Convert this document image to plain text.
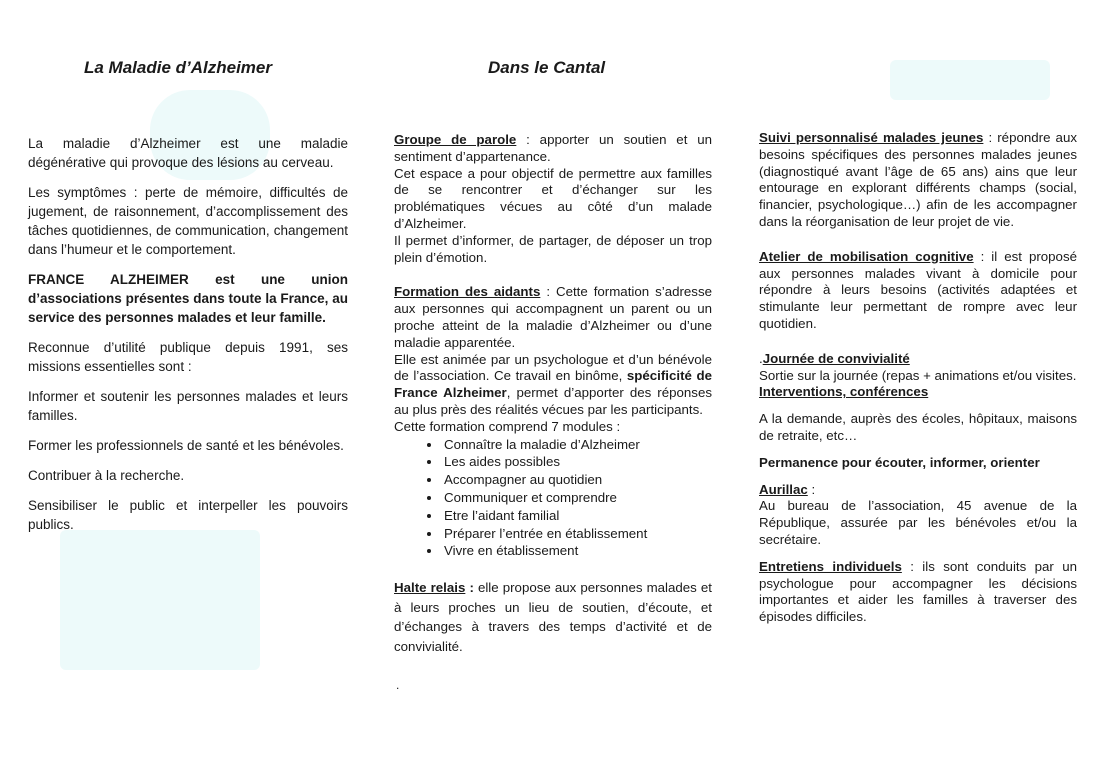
La Maladie d’Alzheimer	Dans le Cantal

La maladie d’Alzheimer est une maladie dégénérative qui provoque des lésions au cerveau.

Les symptômes : perte de mémoire, difficultés de jugement, de raisonnement, d’accomplissement des tâches quotidiennes, de communication, changement dans l’humeur et le comportement.

FRANCE ALZHEIMER est une union d’associations présentes dans toute la France, au service des personnes malades et leur famille.

Reconnue d’utilité publique depuis 1991, ses missions essentielles sont :

Informer et soutenir les personnes malades et leurs familles.

Former les professionnels de santé et les bénévoles.

Contribuer à la recherche.

Sensibiliser le public et interpeller les pouvoirs publics.

Groupe de parole : apporter un soutien et un sentiment d’appartenance.

Cet espace a pour objectif de permettre aux familles de se rencontrer et d’échanger sur les problématiques vécues au côté d’un malade d’Alzheimer.

Il permet d’informer, de partager, de déposer un trop plein d’émotion.

Formation des aidants : Cette formation s’adresse aux personnes qui accompagnent un parent ou un proche atteint de la maladie d’Alzheimer ou d’une maladie apparentée.

Elle est animée par un psychologue et d’un bénévole de l’association. Ce travail en binôme, spécificité de France Alzheimer, permet d’apporter des réponses au plus près des réalités vécues par les participants.

Cette formation comprend 7 modules :

• Connaître la maladie d’Alzheimer
• Les aides possibles
• Accompagner au quotidien
• Communiquer et comprendre
• Etre l’aidant familial
• Préparer l’entrée en établissement
• Vivre en établissement

Halte relais : elle propose aux personnes malades et à leurs proches un lieu de soutien, d’écoute, et d’échanges à travers des temps d’activité et de convivialité.

.

Suivi personnalisé malades jeunes : répondre aux besoins spécifiques des personnes malades jeunes (diagnostiqué avant l’âge de 65 ans) ains que leur entourage en explorant différents champs (social, financier, psychologique…) afin de les accompagner dans la réorganisation de leur projet de vie.

Atelier de mobilisation cognitive : il est proposé aux personnes malades vivant à domicile pour répondre à leurs besoins (activités adaptées et stimulante leur permettant de rompre avec leur quotidien.

.Journée de convivialité

Sortie sur la journée (repas + animations et/ou visites.

Interventions, conférences

A la demande, auprès des écoles, hôpitaux, maisons de retraite, etc…

Permanence pour écouter, informer, orienter

Aurillac :

Au bureau de l’association, 45 avenue de la République, assurée par les bénévoles et/ou la secrétaire.

Entretiens individuels : ils sont conduits par un psychologue pour accompagner les décisions importantes et aider les familles à traverser des épisodes difficiles.
